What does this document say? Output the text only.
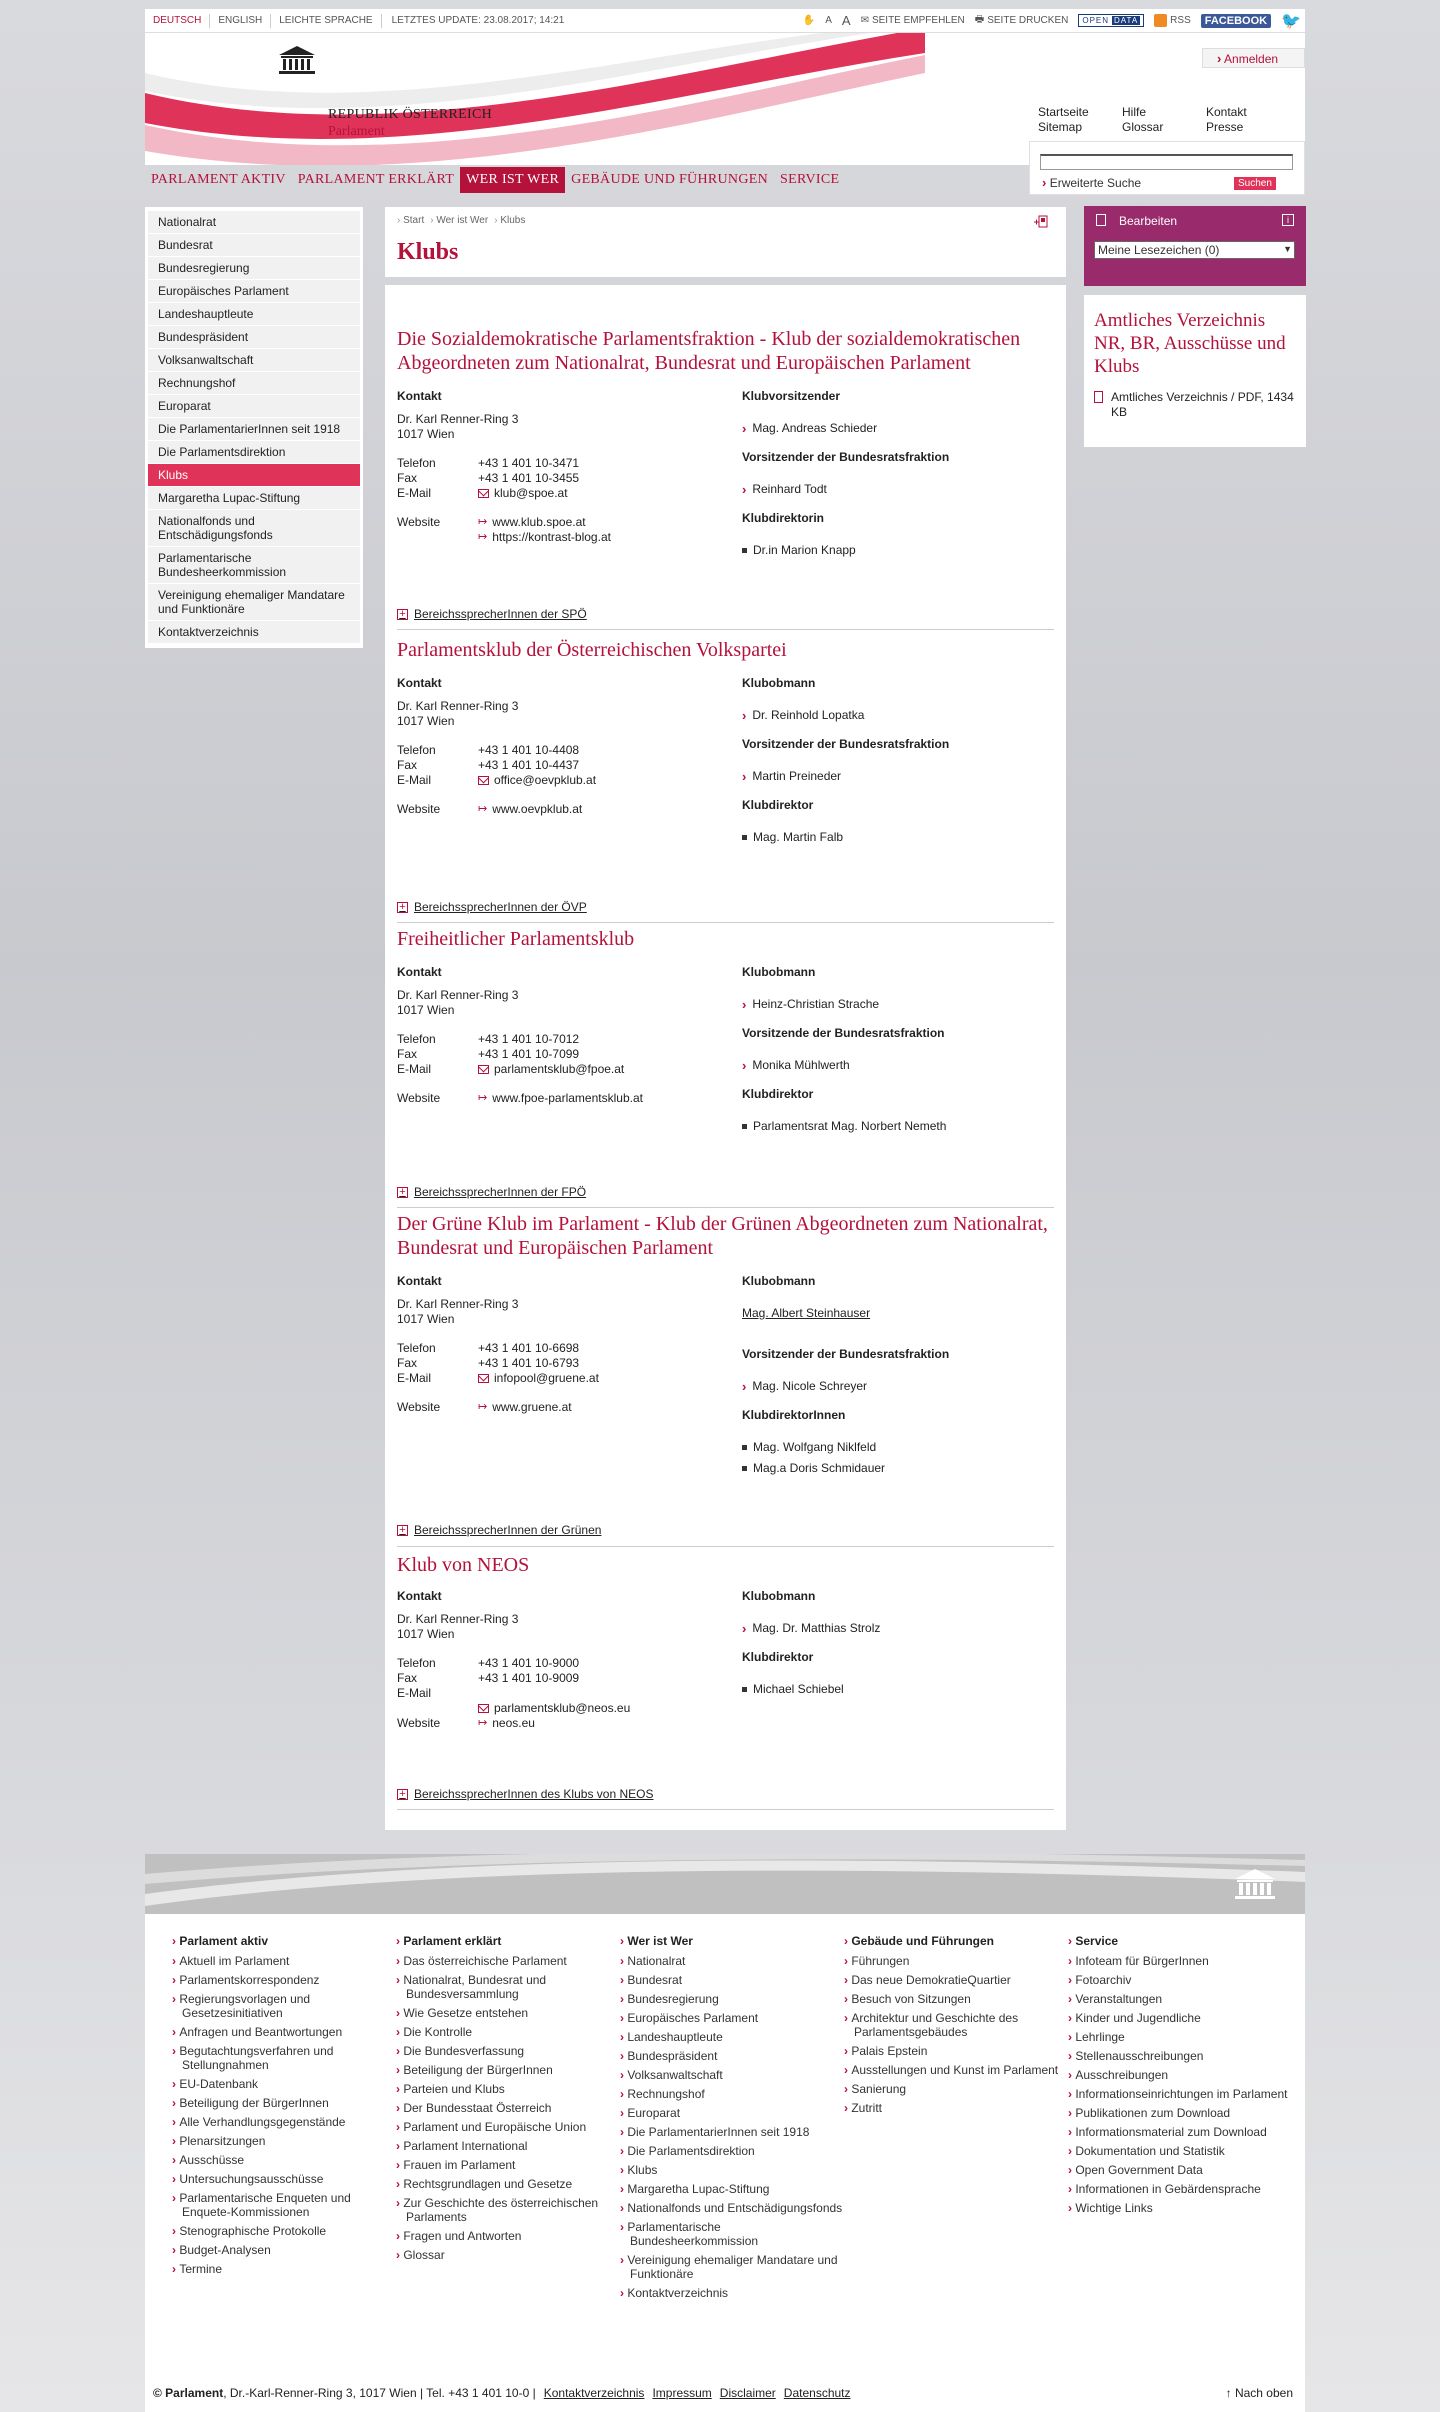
DEUTSCH	ENGLISH	LEICHTE SPRACHE	LETZTES UPDATE: 23.08.2017; 14:21	✋ A A ✉ SEITE EMPFEHLEN 🖶 SEITE DRUCKEN OPEN DATA	RSS	FACEBOOK 🐦
REPUBLIK ÖSTERREICH
Parlament
› Anmelden
Startseite	Hilfe	Kontakt
Sitemap	Glossar	Presse
› Erweiterte Suche	Suchen
PARLAMENT AKTIV PARLAMENT ERKLÄRT WER IST WER GEBÄUDE UND FÜHRUNGEN SERVICE
Nationalrat
Bundesrat
Bundesregierung
Europäisches Parlament
Landeshauptleute
Bundespräsident
Volksanwaltschaft
Rechnungshof
Europarat
Die ParlamentarierInnen seit 1918
Die Parlamentsdirektion
Klubs
Margaretha Lupac-Stiftung
Nationalfonds und Entschädigungsfonds
Parlamentarische Bundesheerkommission
Vereinigung ehemaliger Mandatare und Funktionäre
Kontaktverzeichnis
› Start	› Wer ist Wer	› Klubs
Klubs
Die Sozialdemokratische Parlamentsfraktion - Klub der sozialdemokratischen Abgeordneten zum Nationalrat, Bundesrat und Europäischen Parlament
Kontakt
Dr. Karl Renner-Ring 3
1017 Wien
Telefon	+43 1 401 10-3471
Fax	+43 1 401 10-3455
E-Mail	klub@spoe.at
Website	↦ www.klub.spoe.at
↦ https://kontrast-blog.at
Klubvorsitzender
› Mag. Andreas Schieder
Vorsitzender der Bundesratsfraktion
› Reinhard Todt
Klubdirektorin
Dr.in Marion Knapp
+ BereichssprecherInnen der SPÖ
Parlamentsklub der Österreichischen Volkspartei
Kontakt
Dr. Karl Renner-Ring 3
1017 Wien
Telefon	+43 1 401 10-4408
Fax	+43 1 401 10-4437
E-Mail	office@oevpklub.at
Website	↦ www.oevpklub.at
Klubobmann
› Dr. Reinhold Lopatka
Vorsitzender der Bundesratsfraktion
› Martin Preineder
Klubdirektor
Mag. Martin Falb
+ BereichssprecherInnen der ÖVP
Freiheitlicher Parlamentsklub
Kontakt
Dr. Karl Renner-Ring 3
1017 Wien
Telefon	+43 1 401 10-7012
Fax	+43 1 401 10-7099
E-Mail	parlamentsklub@fpoe.at
Website	↦ www.fpoe-parlamentsklub.at
Klubobmann
› Heinz-Christian Strache
Vorsitzende der Bundesratsfraktion
› Monika Mühlwerth
Klubdirektor
Parlamentsrat Mag. Norbert Nemeth
+ BereichssprecherInnen der FPÖ
Der Grüne Klub im Parlament - Klub der Grünen Abgeordneten zum Nationalrat, Bundesrat und Europäischen Parlament
Kontakt
Dr. Karl Renner-Ring 3
1017 Wien
Telefon	+43 1 401 10-6698
Fax	+43 1 401 10-6793
E-Mail	infopool@gruene.at
Website	↦ www.gruene.at
Klubobmann
Mag. Albert Steinhauser
Vorsitzender der Bundesratsfraktion
› Mag. Nicole Schreyer
KlubdirektorInnen
Mag. Wolfgang Niklfeld
Mag.a Doris Schmidauer
+ BereichssprecherInnen der Grünen
Klub von NEOS
Kontakt
Dr. Karl Renner-Ring 3
1017 Wien
Telefon	+43 1 401 10-9000
Fax	+43 1 401 10-9009
E-Mail
parlamentsklub@neos.eu
Website	↦ neos.eu
Klubobmann
› Mag. Dr. Matthias Strolz
Klubdirektor
Michael Schiebel
+ BereichssprecherInnen des Klubs von NEOS
Bearbeiten	i
Meine Lesezeichen (0) ▼
Amtliches Verzeichnis NR, BR, Ausschüsse und Klubs
Amtliches Verzeichnis / PDF, 1434 KB
› Parlament aktiv
› Aktuell im Parlament
› Parlamentskorrespondenz
› Regierungsvorlagen und Gesetzesinitiativen
› Anfragen und Beantwortungen
› Begutachtungsverfahren und Stellungnahmen
› EU-Datenbank
› Beteiligung der BürgerInnen
› Alle Verhandlungsgegenstände
› Plenarsitzungen
› Ausschüsse
› Untersuchungsausschüsse
› Parlamentarische Enqueten und Enquete-Kommissionen
› Stenographische Protokolle
› Budget-Analysen
› Termine
› Parlament erklärt
› Das österreichische Parlament
› Nationalrat, Bundesrat und Bundesversammlung
› Wie Gesetze entstehen
› Die Kontrolle
› Die Bundesverfassung
› Beteiligung der BürgerInnen
› Parteien und Klubs
› Der Bundesstaat Österreich
› Parlament und Europäische Union
› Parlament International
› Frauen im Parlament
› Rechtsgrundlagen und Gesetze
› Zur Geschichte des österreichischen Parlaments
› Fragen und Antworten
› Glossar
› Wer ist Wer
› Nationalrat
› Bundesrat
› Bundesregierung
› Europäisches Parlament
› Landeshauptleute
› Bundespräsident
› Volksanwaltschaft
› Rechnungshof
› Europarat
› Die ParlamentarierInnen seit 1918
› Die Parlamentsdirektion
› Klubs
› Margaretha Lupac-Stiftung
› Nationalfonds und Entschädigungsfonds
› Parlamentarische Bundesheerkommission
› Vereinigung ehemaliger Mandatare und Funktionäre
› Kontaktverzeichnis
› Gebäude und Führungen
› Führungen
› Das neue DemokratieQuartier
› Besuch von Sitzungen
› Architektur und Geschichte des Parlamentsgebäudes
› Palais Epstein
› Ausstellungen und Kunst im Parlament
› Sanierung
› Zutritt
› Service
› Infoteam für BürgerInnen
› Fotoarchiv
› Veranstaltungen
› Kinder und Jugendliche
› Lehrlinge
› Stellenausschreibungen
› Ausschreibungen
› Informationseinrichtungen im Parlament
› Publikationen zum Download
› Informationsmaterial zum Download
› Dokumentation und Statistik
› Open Government Data
› Informationen in Gebärdensprache
› Wichtige Links
© Parlament , Dr.-Karl-Renner-Ring 3, 1017 Wien | Tel. +43 1 401 10-0 | Kontaktverzeichnis Impressum Disclaimer Datenschutz	↑ Nach oben
